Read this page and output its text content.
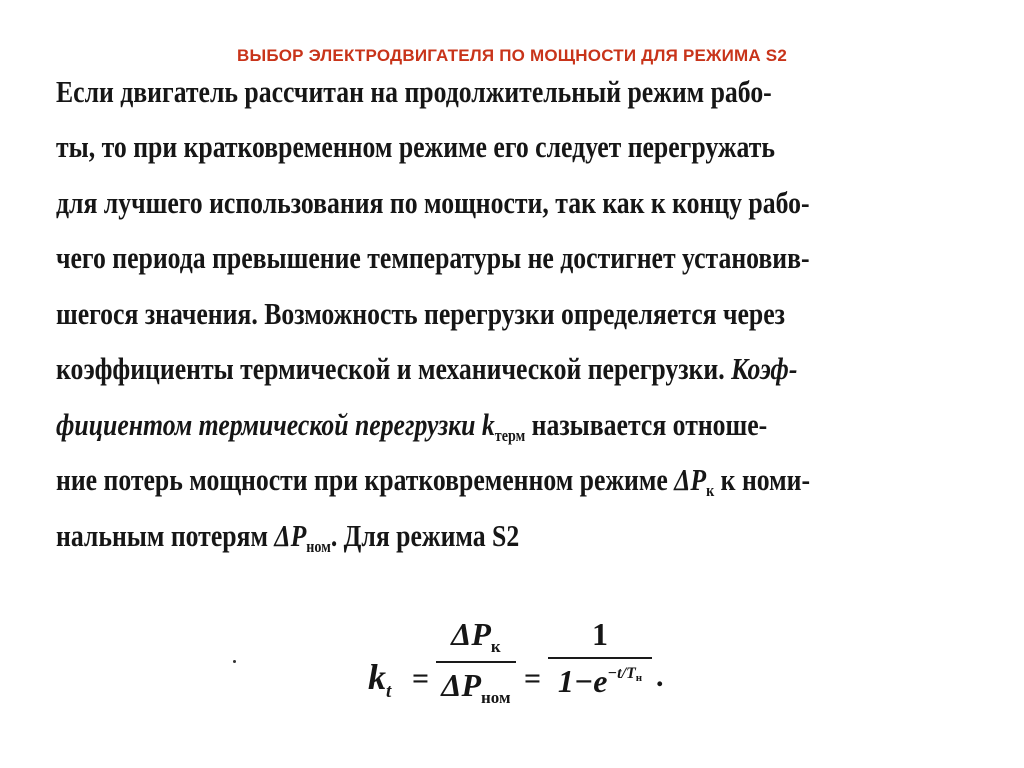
ВЫБОР ЭЛЕКТРОДВИГАТЕЛЯ ПО МОЩНОСТИ ДЛЯ РЕЖИМА S2
Если двигатель рассчитан на продолжительный режим рабо-
ты, то при кратковременном режиме его следует перегружать
для лучшего использования по мощности, так как к концу рабо-
чего периода превышение температуры не достигнет установив-
шегося значения. Возможность перегрузки определяется через
коэффициенты термической и механической перегрузки. Коэф-
фициентом термической перегрузки $k_{терм}$ называется отноше-
ние потерь мощности при кратковременном режиме $\Delta P_к$ к номи-
нальным потерям $\Delta P_{ном}$. Для режима S2
$k_t$ =
$\Delta P_к$
$\Delta P_{ном}$
=
1
$1-e^{-t/T_н}$ .
